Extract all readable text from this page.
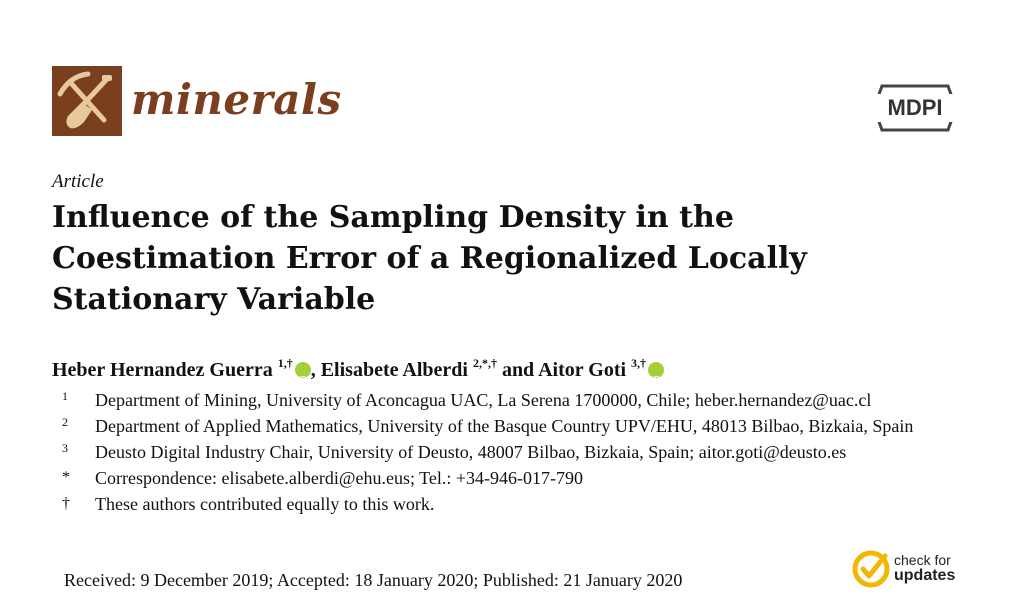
minerals	MDPI
Article
Influence of the Sampling Density in the Coestimation Error of a Regionalized Locally Stationary Variable
Heber Hernandez Guerra $^{1,\dagger}$
iD , Elisabete Alberdi $^{2,*,\dagger}$ and Aitor Goti $^{3,\dagger}$
iD
1	Department of Mining, University of Aconcagua UAC, La Serena 1700000, Chile; heber.hernandez@uac.cl
2	Department of Applied Mathematics, University of the Basque Country UPV/EHU, 48013 Bilbao, Bizkaia, Spain
3	Deusto Digital Industry Chair, University of Deusto, 48007 Bilbao, Bizkaia, Spain; aitor.goti@deusto.es
*	Correspondence: elisabete.alberdi@ehu.eus; Tel.: +34-946-017-790
†	These authors contributed equally to this work.
Received: 9 December 2019; Accepted: 18 January 2020; Published: 21 January 2020
check for
updates
